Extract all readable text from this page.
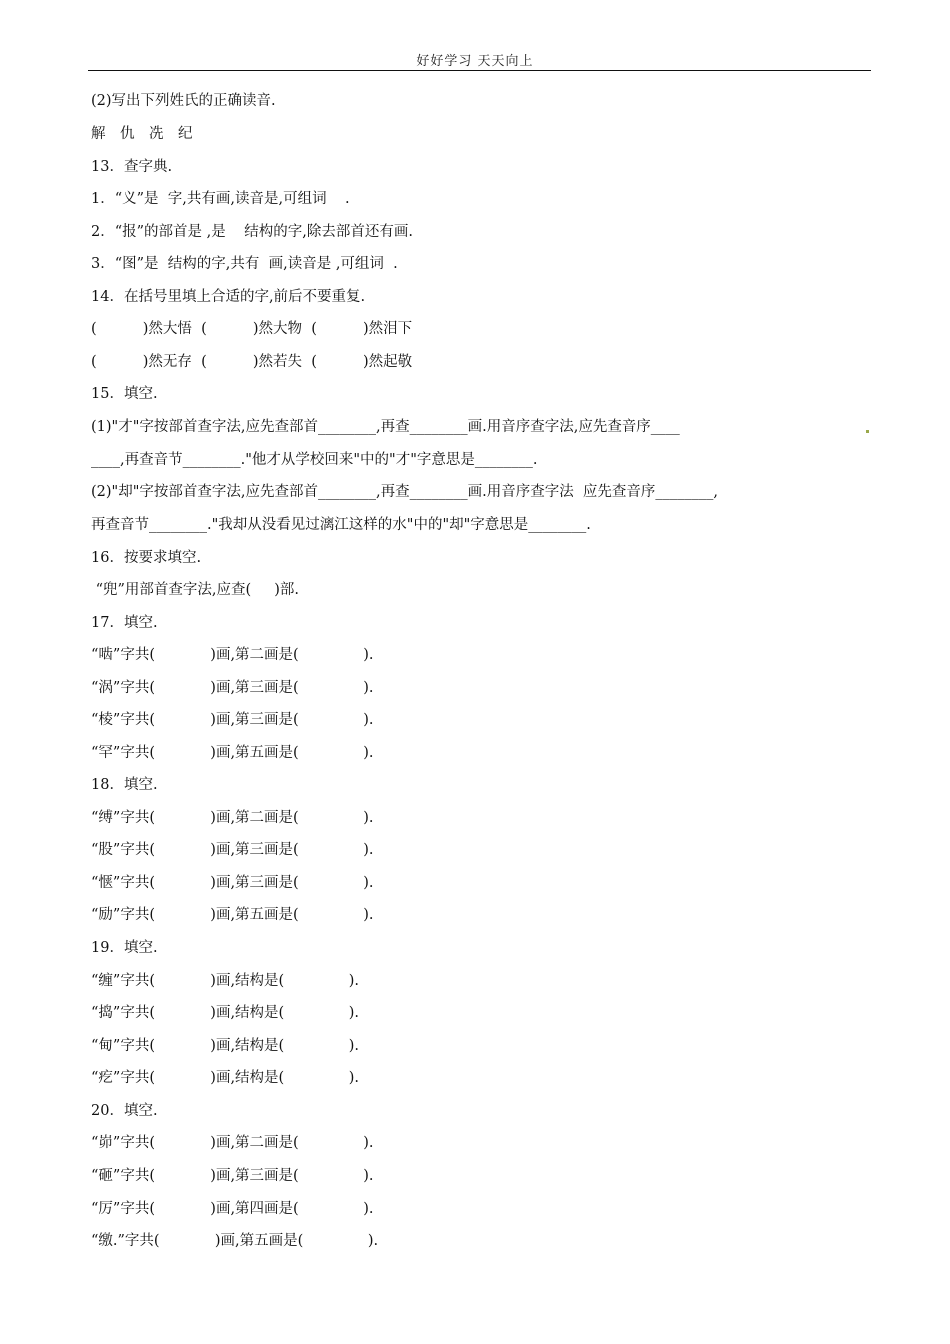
好好学习 天天向上
(2)写出下列姓氏的正确读音.
解　仇　冼　纪
13．查字典.
1．“义”是  字,共有画,读音是,可组词    .
2．“报”的部首是 ,是    结构的字,除去部首还有画.
3．“图”是  结构的字,共有  画,读音是 ,可组词  .
14．在括号里填上合适的字,前后不要重复.
(          )然大悟  (          )然大物  (          )然泪下
(          )然无存  (          )然若失  (          )然起敬
15．填空.
(1)"才"字按部首查字法,应先查部首________,再查________画.用音序查字法,应先查音序____
____,再查音节________."他才从学校回来"中的"才"字意思是________.
(2)"却"字按部首查字法,应先查部首________,再查________画.用音序查字法  应先查音序________,
再查音节________."我却从没看见过漓江这样的水"中的"却"字意思是________.
16．按要求填空.
“兜”用部首查字法,应查(     )部.
17．填空.
“啮”字共(            )画,第二画是(              ).
“涡”字共(            )画,第三画是(              ).
“棱”字共(            )画,第三画是(              ).
“罕”字共(            )画,第五画是(              ).
18．填空.
“缚”字共(            )画,第二画是(              ).
“股”字共(            )画,第三画是(              ).
“惬”字共(            )画,第三画是(              ).
“励”字共(            )画,第五画是(              ).
19．填空.
“缠”字共(            )画,结构是(              ).
“捣”字共(            )画,结构是(              ).
“甸”字共(            )画,结构是(              ).
“疙”字共(            )画,结构是(              ).
20．填空.
“峁”字共(            )画,第二画是(              ).
“砸”字共(            )画,第三画是(              ).
“厉”字共(            )画,第四画是(              ).
“缴.”字共(            )画,第五画是(              ).
